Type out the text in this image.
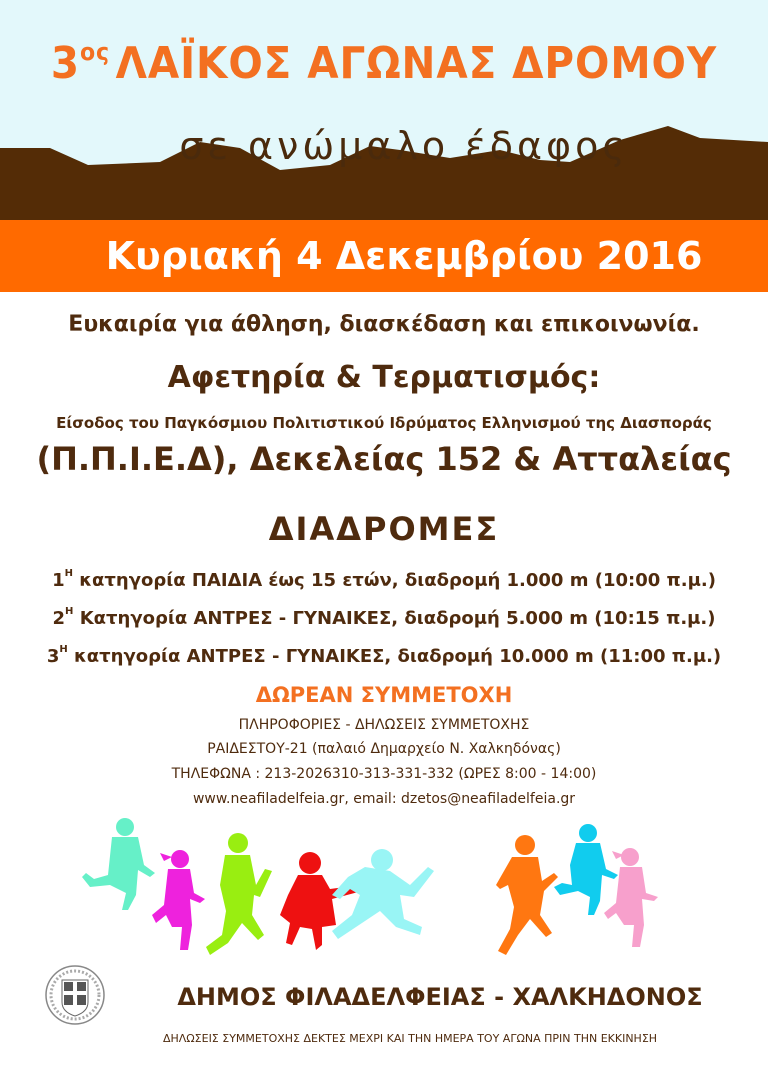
$3^{o\varsigma}$ ΛΑΪΚΟΣ ΑΓΩΝΑΣ ΔΡΟΜΟΥ
σε ανώμαλο έδαφος
Κυριακή 4 Δεκεμβρίου 2016
Ευκαιρία για άθληση, διασκέδαση και επικοινωνία.
Αφετηρία & Τερματισμός:
Είσοδος του Παγκόσμιου Πολιτιστικού Ιδρύματος Ελληνισμού της Διασποράς
(Π.Π.Ι.Ε.Δ), Δεκελείας 152 & Ατταλείας
ΔΙΑΔΡΟΜΕΣ
$1^H$ κατηγορία ΠΑΙΔΙΑ έως 15 ετών, διαδρομή 1.000 m (10:00 π.μ.)
$2^H$ Κατηγορία ΑΝΤΡΕΣ - ΓΥΝΑΙΚΕΣ, διαδρομή 5.000 m (10:15 π.μ.)
$3^H$ κατηγορία ΑΝΤΡΕΣ - ΓΥΝΑΙΚΕΣ, διαδρομή 10.000 m (11:00 π.μ.)
ΔΩΡΕΑΝ ΣΥΜΜΕΤΟΧΗ
ΠΛΗΡΟΦΟΡΙΕΣ - ΔΗΛΩΣΕΙΣ ΣΥΜΜΕΤΟΧΗΣ
ΡΑΙΔΕΣΤΟΥ-21 (παλαιό Δημαρχείο Ν. Χαλκηδόνας)
ΤΗΛΕΦΩΝΑ : 213-2026310-313-331-332 (ΩΡΕΣ 8:00 - 14:00)
www.neafiladelfeia.gr, email: dzetos@neafiladelfeia.gr
ΔΗΜΟΣ ΦΙΛΑΔΕΛΦΕΙΑΣ - ΧΑΛΚΗΔΟΝΟΣ
ΔΗΛΩΣΕΙΣ ΣΥΜΜΕΤΟΧΗΣ ΔΕΚΤΕΣ ΜΕΧΡΙ ΚΑΙ ΤΗΝ ΗΜΕΡΑ ΤΟΥ ΑΓΩΝΑ ΠΡΙΝ ΤΗΝ ΕΚΚΙΝΗΣΗ
